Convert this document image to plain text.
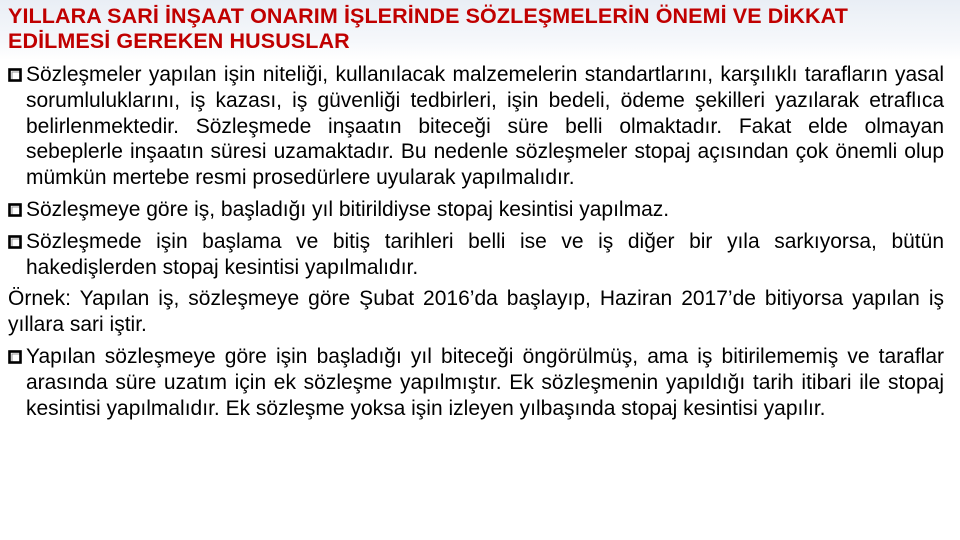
YILLARA SARİ İNŞAAT ONARIM İŞLERİNDE SÖZLEŞMELERİN ÖNEMİ VE DİKKAT EDİLMESİ GEREKEN HUSUSLAR

Sözleşmeler yapılan işin niteliği, kullanılacak malzemelerin standartlarını, karşılıklı tarafların yasal sorumluluklarını, iş kazası, iş güvenliği tedbirleri, işin bedeli, ödeme şekilleri yazılarak etraflıca belirlenmektedir. Sözleşmede inşaatın biteceği süre belli olmaktadır. Fakat elde olmayan sebeplerle inşaatın süresi uzamaktadır. Bu nedenle sözleşmeler stopaj açısından çok önemli olup mümkün mertebe resmi prosedürlere uyularak yapılmalıdır.

Sözleşmeye göre iş, başladığı yıl bitirildiyse stopaj kesintisi yapılmaz.

Sözleşmede işin başlama ve bitiş tarihleri belli ise ve iş diğer bir yıla sarkıyorsa, bütün hakedişlerden stopaj kesintisi yapılmalıdır.

Örnek: Yapılan iş, sözleşmeye göre Şubat 2016’da başlayıp, Haziran 2017’de bitiyorsa yapılan iş yıllara sari iştir.

Yapılan sözleşmeye göre işin başladığı yıl biteceği öngörülmüş, ama iş bitirilememiş ve taraflar arasında süre uzatım için ek sözleşme yapılmıştır. Ek sözleşmenin yapıldığı tarih itibari ile stopaj kesintisi yapılmalıdır. Ek sözleşme yoksa işin izleyen yılbaşında stopaj kesintisi yapılır.
